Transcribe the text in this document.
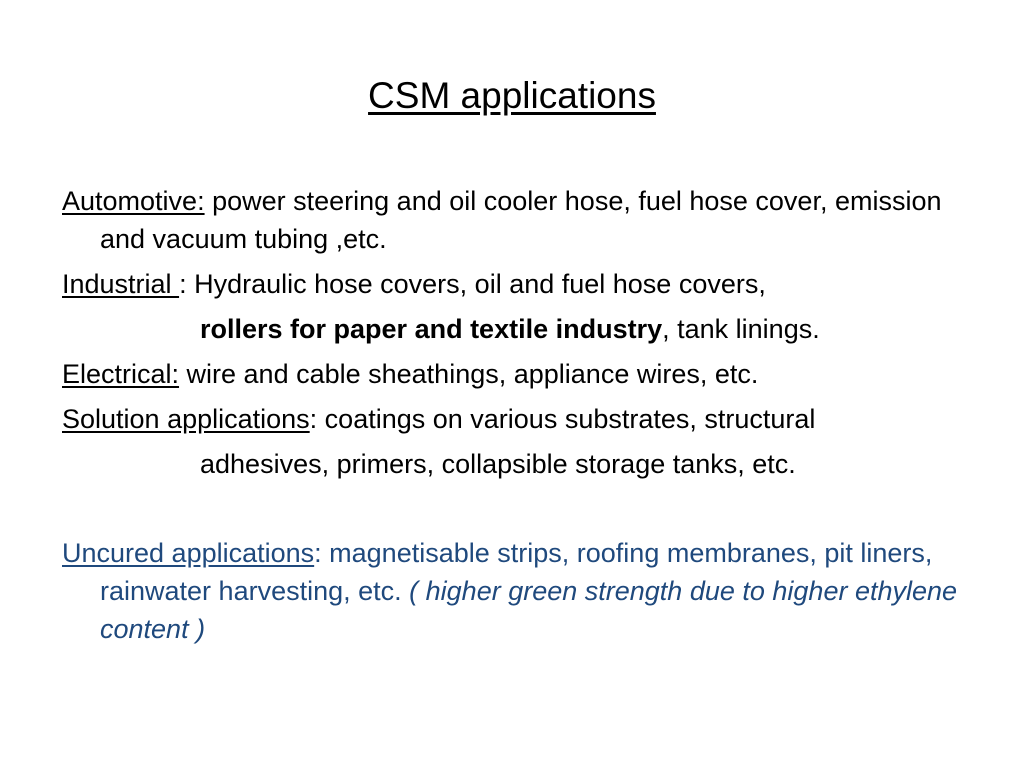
CSM applications

Automotive: power steering and oil cooler hose, fuel hose cover, emission and vacuum tubing ,etc.

Industrial : Hydraulic hose covers, oil and fuel hose covers,

rollers for paper and textile industry, tank linings.

Electrical: wire and cable sheathings, appliance wires, etc.

Solution applications: coatings on various substrates, structural

adhesives, primers, collapsible storage tanks, etc.

Uncured applications: magnetisable strips, roofing membranes, pit liners, rainwater harvesting, etc. ( higher green strength due to higher ethylene content )
